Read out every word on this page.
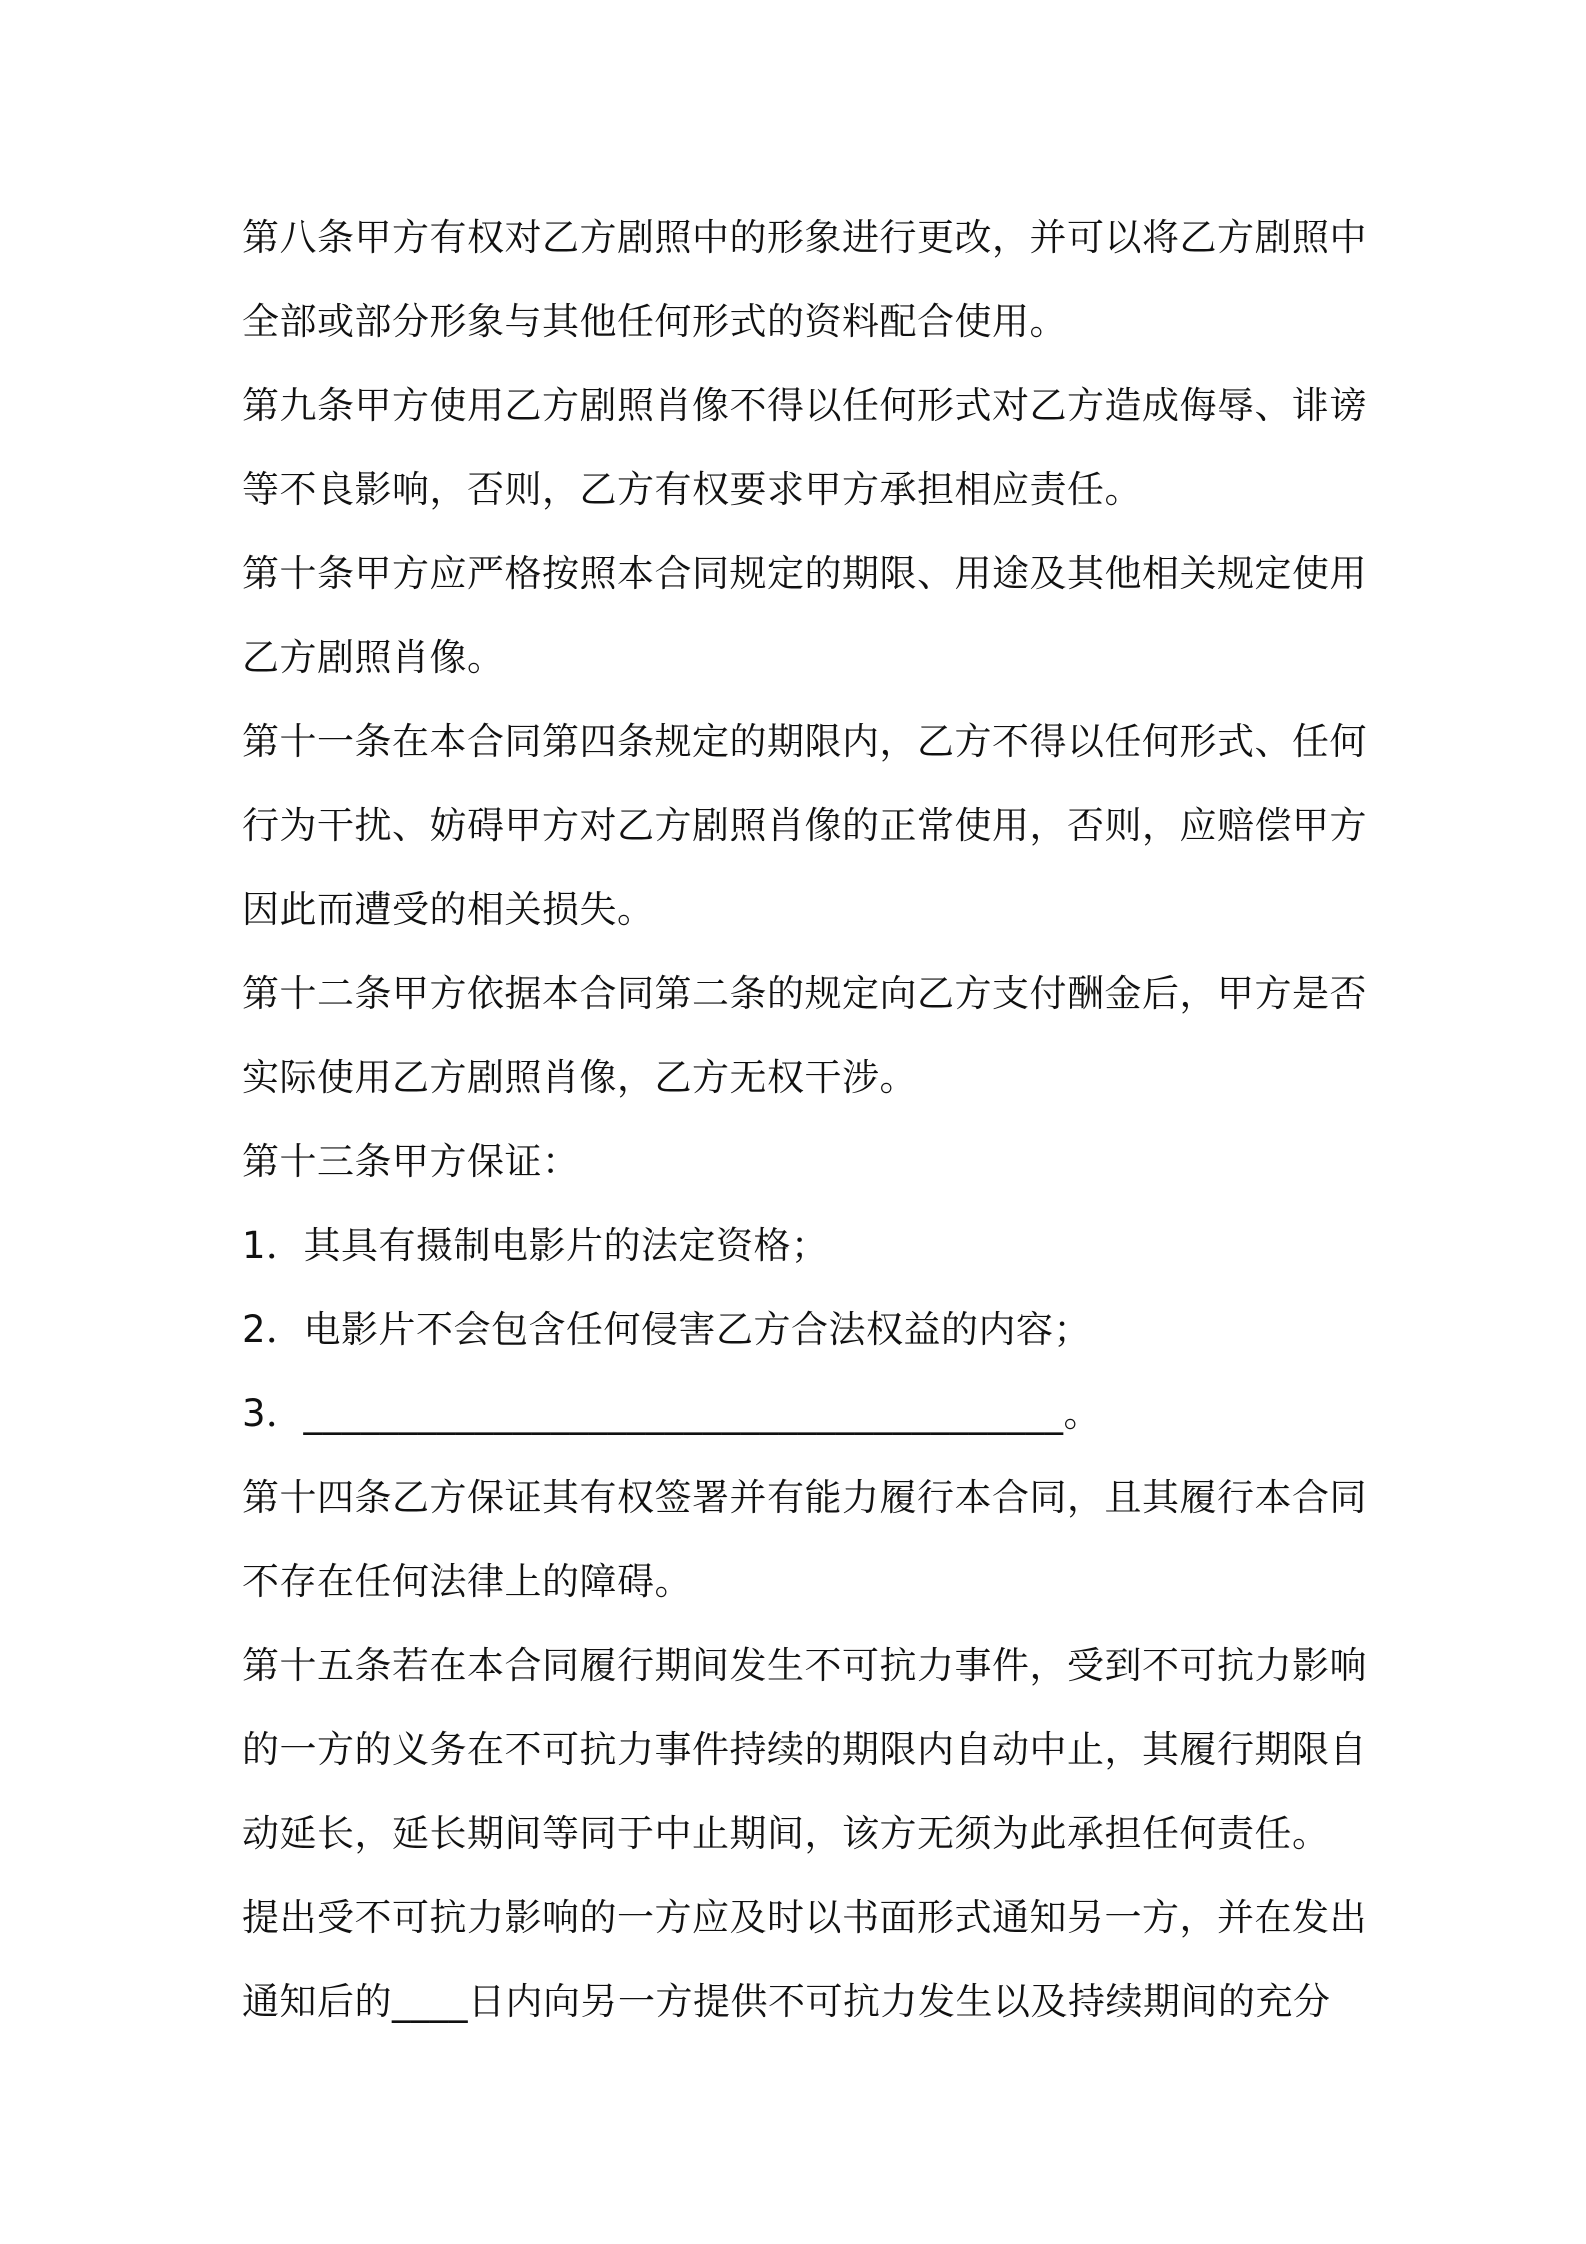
第八条甲方有权对乙方剧照中的形象进行更改，并可以将乙方剧照中
全部或部分形象与其他任何形式的资料配合使用。
第九条甲方使用乙方剧照肖像不得以任何形式对乙方造成侮辱、诽谤
等不良影响，否则，乙方有权要求甲方承担相应责任。
第十条甲方应严格按照本合同规定的期限、用途及其他相关规定使用
乙方剧照肖像。
第十一条在本合同第四条规定的期限内，乙方不得以任何形式、任何
行为干扰、妨碍甲方对乙方剧照肖像的正常使用，否则，应赔偿甲方
因此而遭受的相关损失。
第十二条甲方依据本合同第二条的规定向乙方支付酬金后，甲方是否
实际使用乙方剧照肖像，乙方无权干涉。
第十三条甲方保证：
1．其具有摄制电影片的法定资格；
2．电影片不会包含任何侵害乙方合法权益的内容；
3．________________________________________。
第十四条乙方保证其有权签署并有能力履行本合同，且其履行本合同
不存在任何法律上的障碍。
第十五条若在本合同履行期间发生不可抗力事件，受到不可抗力影响
的一方的义务在不可抗力事件持续的期限内自动中止，其履行期限自
动延长，延长期间等同于中止期间，该方无须为此承担任何责任。
提出受不可抗力影响的一方应及时以书面形式通知另一方，并在发出
通知后的____日内向另一方提供不可抗力发生以及持续期间的充分
